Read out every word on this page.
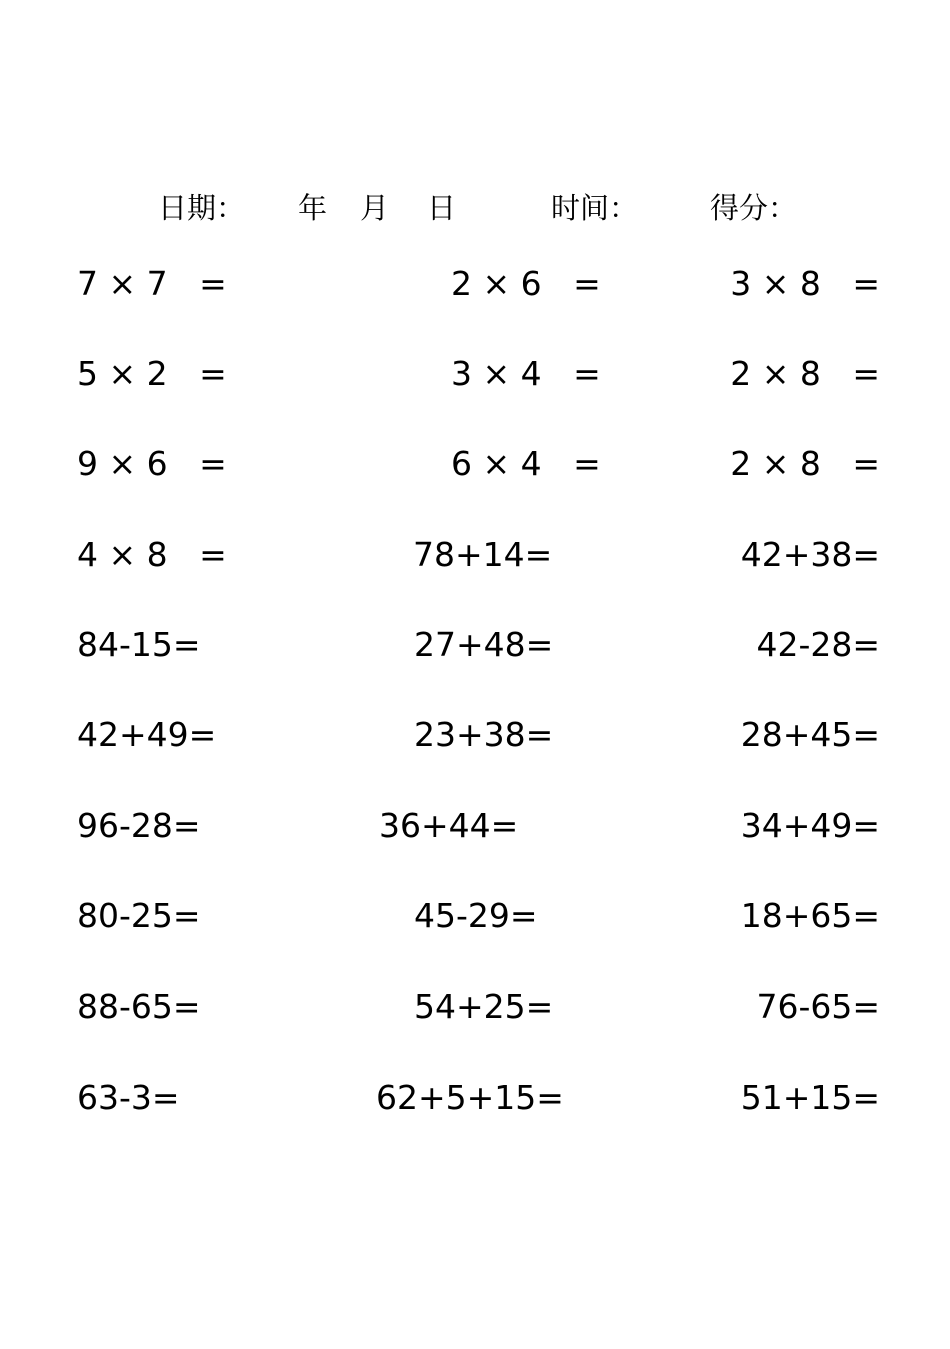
日期： 年 月 日	时间： 得分：
7 × 7   =	2 × 6   =	3 × 8   =
5 × 2   =	3 × 4   =	2 × 8   =
9 × 6   =	6 × 4   =	2 × 8   =
4 × 8   =	78+14=	42+38=
84-15=	27+48=	42-28=
42+49=	23+38=	28+45=
96-28=	36+44=	34+49=
80-25=	45-29=	18+65=
88-65=	54+25=	76-65=
63-3=	62+5+15=	51+15=
